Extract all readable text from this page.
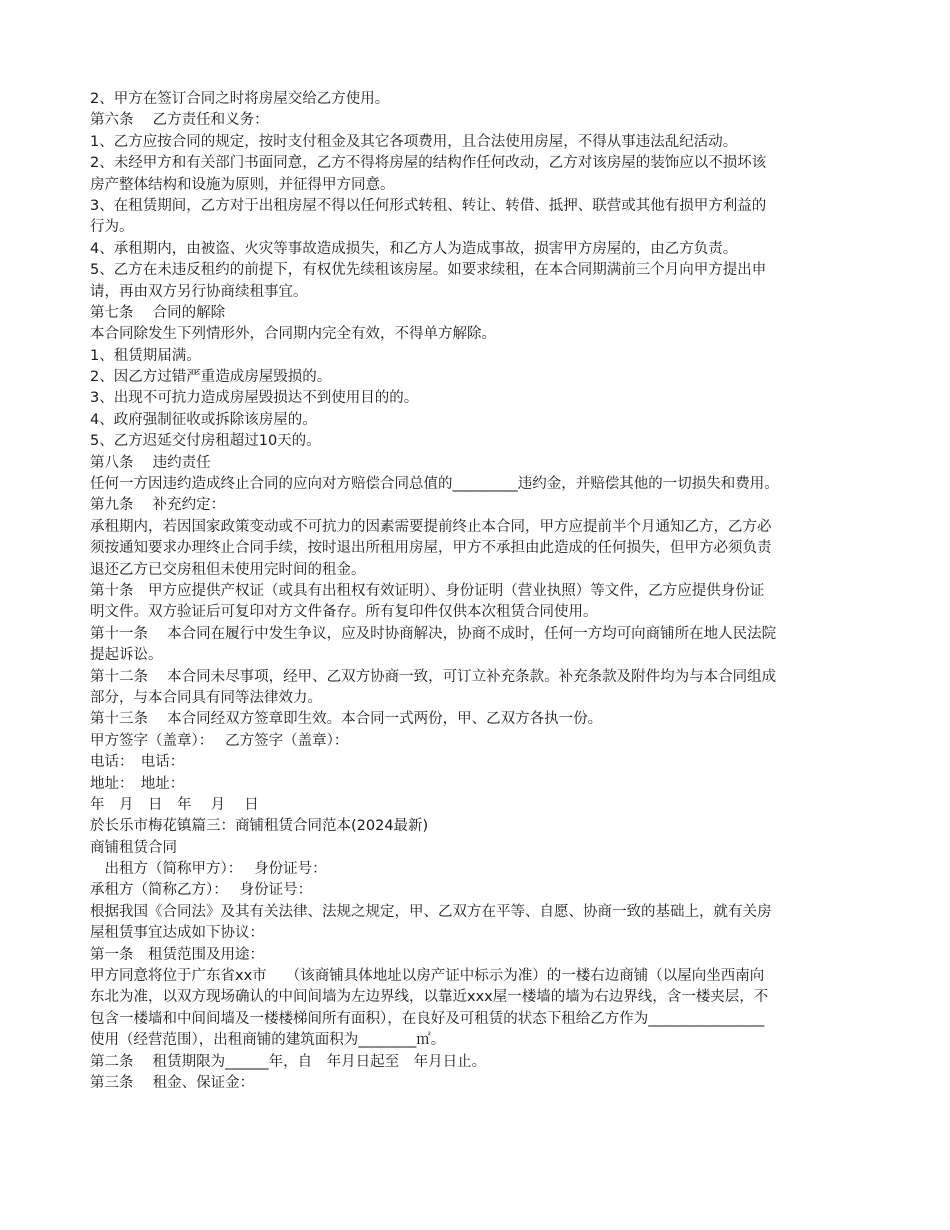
2、甲方在签订合同之时将房屋交给乙方使用。
第六条　 乙方责任和义务：
1、乙方应按合同的规定，按时支付租金及其它各项费用，且合法使用房屋，不得从事违法乱纪活动。
2、未经甲方和有关部门书面同意，乙方不得将房屋的结构作任何改动，乙方对该房屋的装饰应以不损坏该
房产整体结构和设施为原则，并征得甲方同意。
3、在租赁期间，乙方对于出租房屋不得以任何形式转租、转让、转借、抵押、联营或其他有损甲方利益的
行为。
4、承租期内，由被盗、火灾等事故造成损失，和乙方人为造成事故，损害甲方房屋的，由乙方负责。
5、乙方在未违反租约的前提下，有权优先续租该房屋。如要求续租，在本合同期满前三个月向甲方提出申
请，再由双方另行协商续租事宜。
第七条　 合同的解除
本合同除发生下列情形外，合同期内完全有效，不得单方解除。
1、租赁期届满。
2、因乙方过错严重造成房屋毁损的。
3、出现不可抗力造成房屋毁损达不到使用目的的。
4、政府强制征收或拆除该房屋的。
5、乙方迟延交付房租超过10天的。
第八条　 违约责任
任何一方因违约造成终止合同的应向对方赔偿合同总值的_________违约金，并赔偿其他的一切损失和费用。
第九条　 补充约定：
承租期内，若因国家政策变动或不可抗力的因素需要提前终止本合同，甲方应提前半个月通知乙方，乙方必
须按通知要求办理终止合同手续，按时退出所租用房屋，甲方不承担由此造成的任何损失，但甲方必须负责
退还乙方已交房租但未使用完时间的租金。
第十条　甲方应提供产权证（或具有出租权有效证明）、身份证明（营业执照）等文件，乙方应提供身份证
明文件。双方验证后可复印对方文件备存。所有复印件仅供本次租赁合同使用。
第十一条　 本合同在履行中发生争议，应及时协商解决，协商不成时，任何一方均可向商铺所在地人民法院
提起诉讼。
第十二条　 本合同未尽事项，经甲、乙双方协商一致，可订立补充条款。补充条款及附件均为与本合同组成
部分，与本合同具有同等法律效力。
第十三条　 本合同经双方签章即生效。本合同一式两份，甲、乙双方各执一份。
甲方签字（盖章）：　 乙方签字（盖章）：
电话：　电话：
地址：　地址：
年　月　日　年　 月　 日
於长乐市梅花镇篇三：商铺租赁合同范本(2024最新)
商铺租赁合同
　出租方（简称甲方）：　 身份证号：
承租方（简称乙方）：　 身份证号：
根据我国《合同法》及其有关法律、法规之规定，甲、乙双方在平等、自愿、协商一致的基础上，就有关房
屋租赁事宜达成如下协议：
第一条　租赁范围及用途：
甲方同意将位于广东省xx市　 （该商铺具体地址以房产证中标示为准）的一楼右边商铺（以屋向坐西南向
东北为准，以双方现场确认的中间间墙为左边界线，以靠近xxx屋一楼墙的墙为右边界线，含一楼夹层，不
包含一楼墙和中间间墙及一楼楼梯间所有面积），在良好及可租赁的状态下租给乙方作为________________
使用（经营范围），出租商铺的建筑面积为________㎡。
第二条　 租赁期限为______年，自　年月日起至　年月日止。
第三条　 租金、保证金：
